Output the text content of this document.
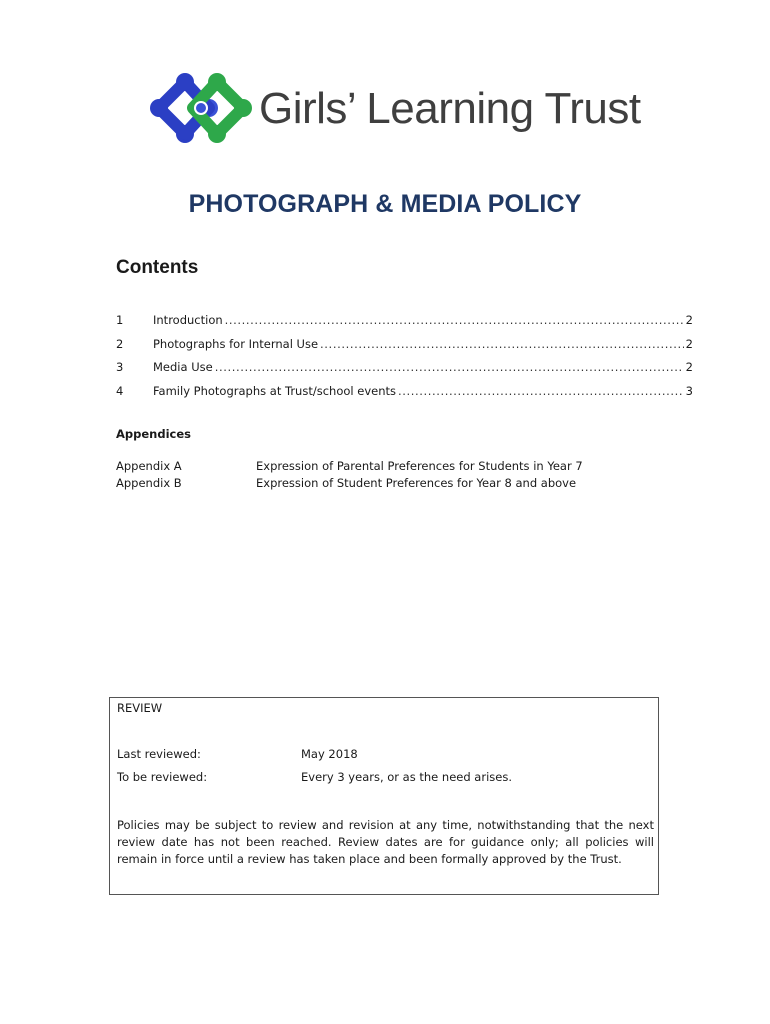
Girls’ Learning Trust
PHOTOGRAPH & MEDIA POLICY
Contents
1	Introduction .....	2
2	Photographs for Internal Use .....	2
3	Media Use .....	2
4	Family Photographs at Trust/school events .....	3
Appendices
Appendix A	Expression of Parental Preferences for Students in Year 7
Appendix B	Expression of Student Preferences for Year 8 and above
REVIEW
Last reviewed:	May 2018
To be reviewed:	Every 3 years, or as the need arises.
Policies may be subject to review and revision at any time, notwithstanding that the next review date has not been reached. Review dates are for guidance only; all policies will remain in force until a review has taken place and been formally approved by the Trust.
